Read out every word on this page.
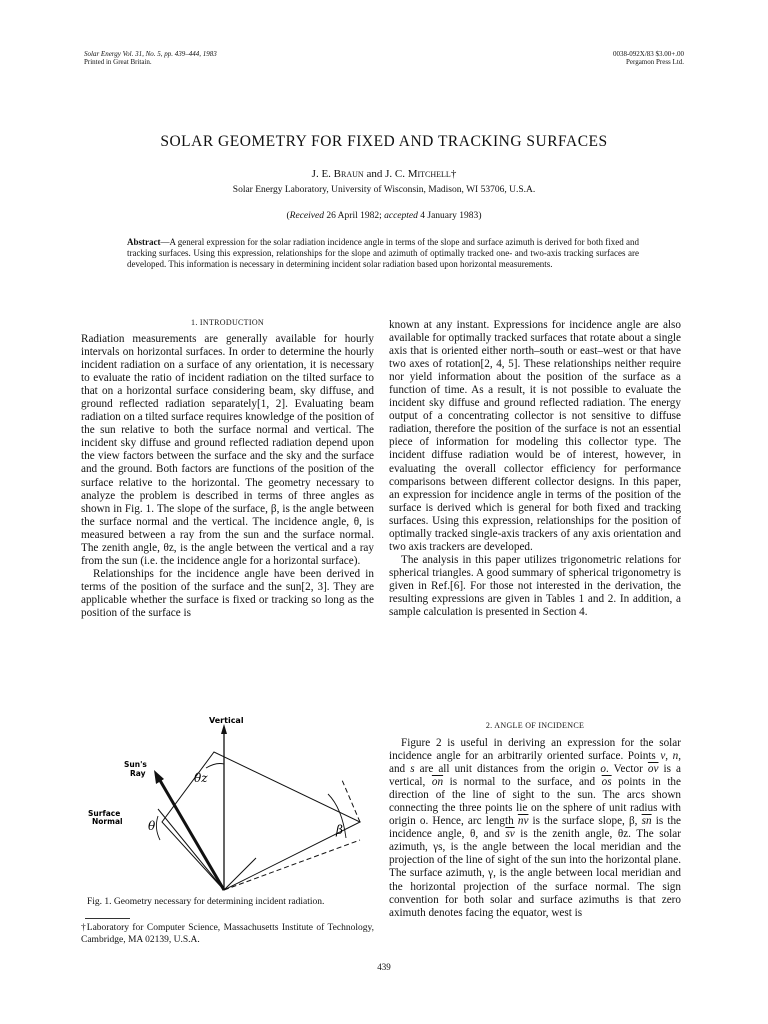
Solar Energy Vol. 31, No. 5, pp. 439–444, 1983
Printed in Great Britain.
0038-092X/83 $3.00+.00
Pergamon Press Ltd.
SOLAR GEOMETRY FOR FIXED AND TRACKING SURFACES
J. E. Braun and J. C. Mitchell†
Solar Energy Laboratory, University of Wisconsin, Madison, WI 53706, U.S.A.
(Received 26 April 1982; accepted 4 January 1983)
Abstract—A general expression for the solar radiation incidence angle in terms of the slope and surface azimuth is derived for both fixed and tracking surfaces. Using this expression, relationships for the slope and azimuth of optimally tracked one- and two-axis tracking surfaces are developed. This information is necessary in determining incident solar radiation based upon horizontal measurements.
1. INTRODUCTION

Radiation measurements are generally available for hourly intervals on horizontal surfaces. In order to determine the hourly incident radiation on a surface of any orientation, it is necessary to evaluate the ratio of incident radiation on the tilted surface to that on a horizontal surface considering beam, sky diffuse, and ground reflected radiation separately[1, 2]. Evaluating beam radiation on a tilted surface requires knowledge of the position of the sun relative to both the surface normal and vertical. The incident sky diffuse and ground reflected radiation depend upon the view factors between the surface and the sky and the surface and the ground. Both factors are functions of the position of the surface relative to the horizontal. The geometry necessary to analyze the problem is described in terms of three angles as shown in Fig. 1. The slope of the surface, β, is the angle between the surface normal and the vertical. The incidence angle, θ, is measured between a ray from the sun and the surface normal. The zenith angle, θz, is the angle between the vertical and a ray from the sun (i.e. the incidence angle for a horizontal surface).

Relationships for the incidence angle have been derived in terms of the position of the surface and the sun[2, 3]. They are applicable whether the surface is fixed or tracking so long as the position of the surface is

known at any instant. Expressions for incidence angle are also available for optimally tracked surfaces that rotate about a single axis that is oriented either north–south or east–west or that have two axes of rotation[2, 4, 5]. These relationships neither require nor yield information about the position of the surface as a function of time. As a result, it is not possible to evaluate the incident sky diffuse and ground reflected radiation. The energy output of a concentrating collector is not sensitive to diffuse radiation, therefore the position of the surface is not an essential piece of information for modeling this collector type. The incident diffuse radiation would be of interest, however, in evaluating the overall collector efficiency for performance comparisons between different collector designs. In this paper, an expression for incidence angle in terms of the position of the surface is derived which is general for both fixed and tracking surfaces. Using this expression, relationships for the position of optimally tracked single-axis trackers of any axis orientation and two axis trackers are developed.

The analysis in this paper utilizes trigonometric relations for spherical triangles. A good summary of spherical trigonometry is given in Ref.[6]. For those not interested in the derivation, the resulting expressions are given in Tables 1 and 2. In addition, a sample calculation is presented in Section 4.

2. ANGLE OF INCIDENCE

Figure 2 is useful in deriving an expression for the solar incidence angle for an arbitrarily oriented surface. Points v, n, and s are all unit distances from the origin o. Vector $\overline{ov}$ is a vertical, $\overline{on}$ is normal to the surface, and $\overline{os}$ points in the direction of the line of sight to the sun. The arcs shown connecting the three points lie on the sphere of unit radius with origin o. Hence, arc length $\overline{nv}$ is the surface slope, β, $\overline{sn}$ is the incidence angle, θ, and $\overline{sv}$ is the zenith angle, θz. The solar azimuth, γs, is the angle between the local meridian and the projection of the line of sight of the sun into the horizontal plane. The surface azimuth, γ, is the angle between local meridian and the horizontal projection of the surface normal. The sign convention for both solar and surface azimuths is that zero aximuth denotes facing the equator, west is

Vertical
Sun's
Ray
Surface
Normal
θz
θ	β
Fig. 1. Geometry necessary for determining incident radiation.
†Laboratory for Computer Science, Massachusetts Institute of Technology, Cambridge, MA 02139, U.S.A.
439
